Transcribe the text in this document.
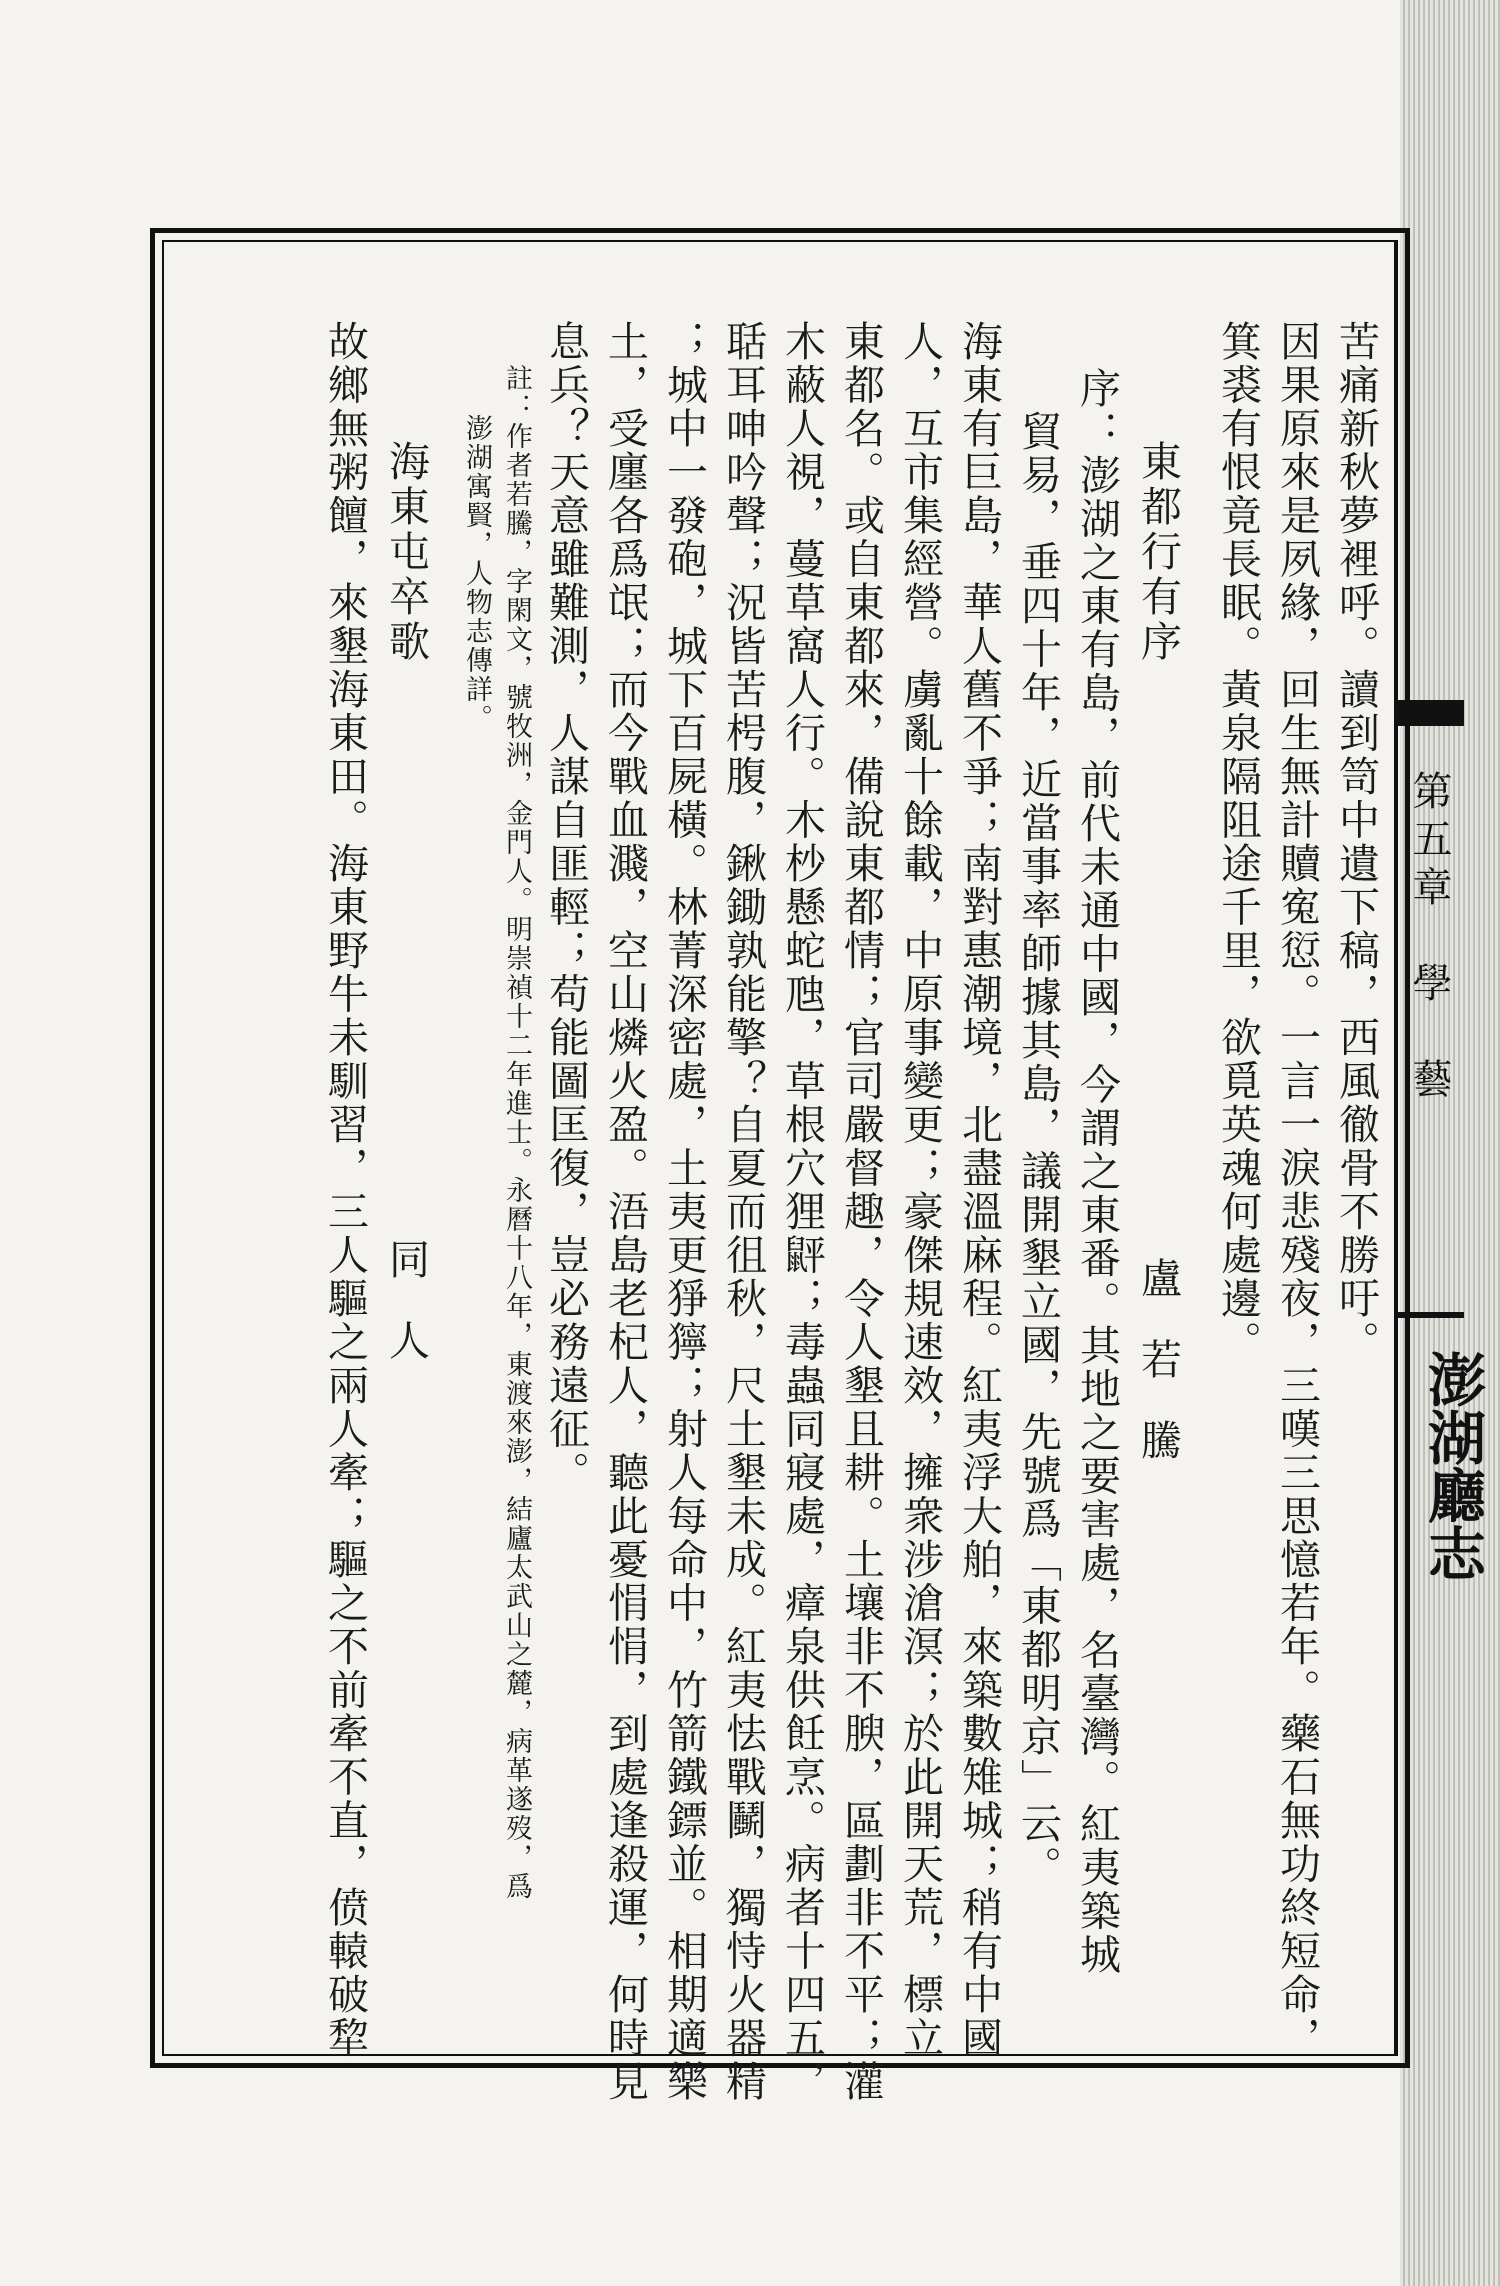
第五章　學　藝

澎湖廳志

苦痛新秋夢裡呼。讀到笥中遺下稿，西風徹骨不勝吁。

因果原來是夙緣，回生無計贖寃愆。一言一淚悲殘夜，三嘆三思憶若年。藥石無功終短命，

箕裘有恨竟長眠。黃泉隔阻途千里，欲覓英魂何處邊。

東都行有序
盧若騰

序：澎湖之東有島，前代未通中國，今謂之東番。其地之要害處，名臺灣。紅夷築城

貿易，垂四十年，近當事率師據其島，議開墾立國，先號爲「東都明京」云。

海東有巨島，華人舊不爭；南對惠潮境，北盡溫麻程。紅夷浮大舶，來築數雉城；稍有中國

人，互市集經營。虜亂十餘載，中原事變更；豪傑規速效，擁衆涉滄溟；於此開天荒，標立

東都名。或自東都來，備說東都情；官司嚴督趣，令人墾且耕。土壤非不腴，區劃非不平；灌

木蔽人視，蔓草窩人行。木杪懸蛇虺，草根穴狸䶄；毒蟲同寢處，瘴泉供飪烹。病者十四五，

聒耳呻吟聲；況皆苦枵腹，鍬鋤孰能擎？自夏而徂秋，尺土墾未成。紅夷怯戰鬭，獨恃火器精

；城中一發砲，城下百屍橫。林菁深密處，土夷更猙獰；射人每命中，竹箭鐵鏢並。相期適樂

土，受廛各爲氓；而今戰血濺，空山燐火盈。浯島老杞人，聽此憂悁悁，到處逢殺運，何時見

息兵？天意雖難測，人謀自匪輕；苟能圖匡復，豈必務遠征。

註：作者若騰，字閑文，號牧洲，金門人。明崇禎十二年進士。永曆十八年，東渡來澎，結廬太武山之麓，病革遂歿，爲

澎湖寓賢，人物志傳詳。

海東屯卒歌
同人

故鄉無粥饘，來墾海東田。海東野牛未馴習，三人驅之兩人牽；驅之不前牽不直，偾轅破犂
